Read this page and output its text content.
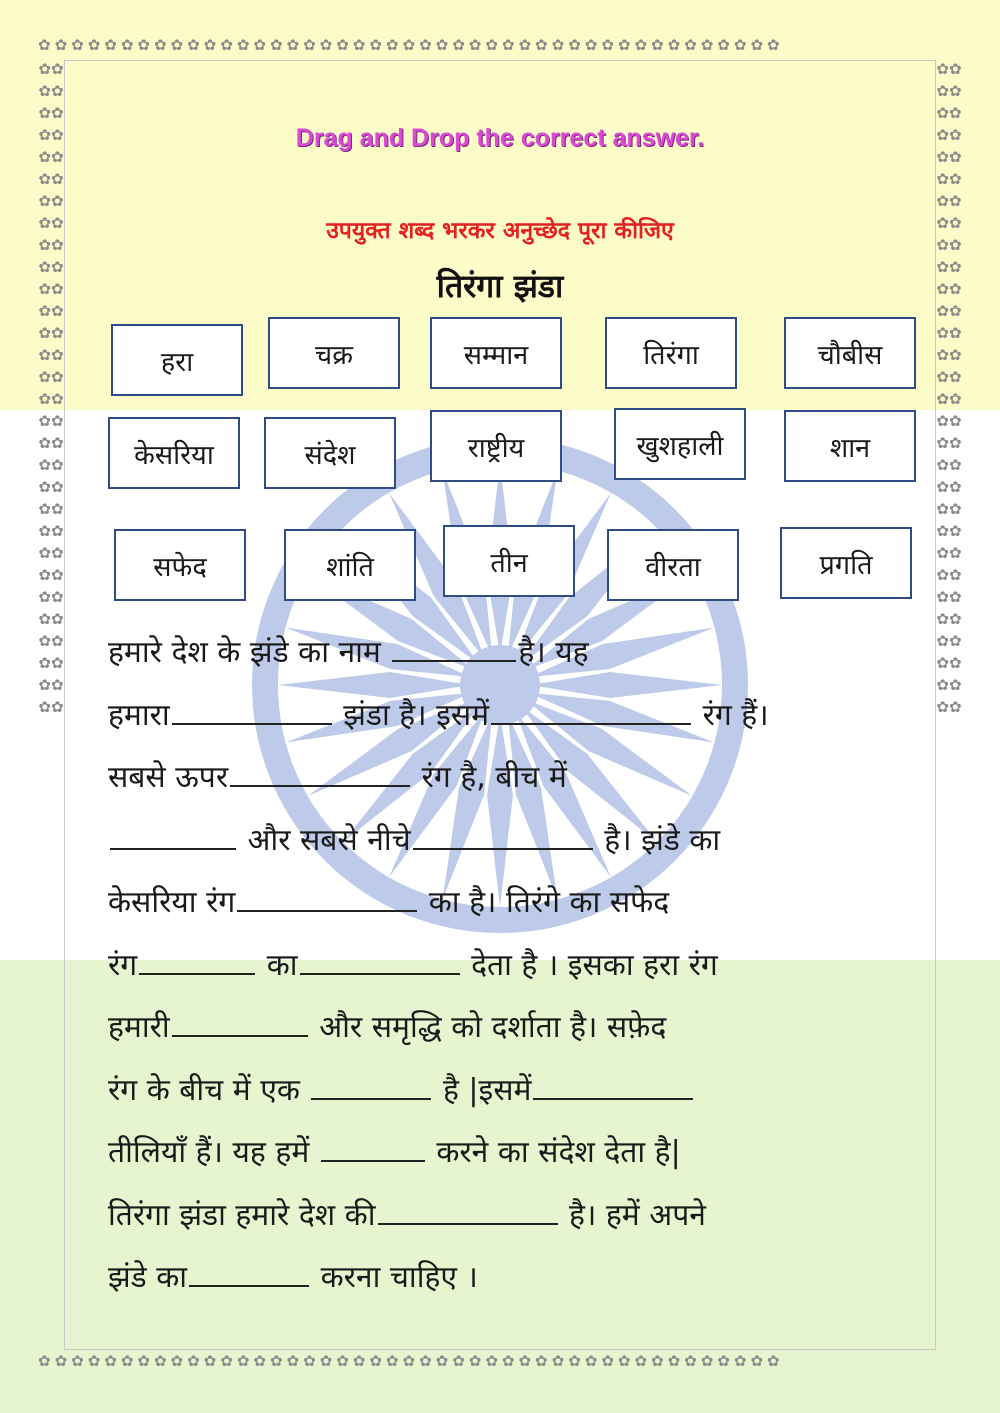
✿✿✿✿✿✿✿✿✿✿✿✿✿✿✿✿✿✿✿✿✿✿✿✿✿✿✿✿✿✿✿✿✿✿✿✿✿✿✿✿✿✿✿✿✿
✿✿✿✿✿✿✿✿✿✿✿✿✿✿✿✿✿✿✿✿✿✿✿✿✿✿✿✿✿✿✿✿✿✿✿✿✿✿✿✿✿✿✿✿✿
✿✿✿✿✿✿✿✿✿✿✿✿✿✿✿✿✿✿✿✿✿✿✿✿✿✿✿✿✿✿✿✿✿✿✿✿✿✿✿✿✿✿✿✿✿✿✿✿✿✿✿✿✿✿✿✿✿✿✿✿
✿✿✿✿✿✿✿✿✿✿✿✿✿✿✿✿✿✿✿✿✿✿✿✿✿✿✿✿✿✿✿✿✿✿✿✿✿✿✿✿✿✿✿✿✿✿✿✿✿✿✿✿✿✿✿✿✿✿✿✿
Drag and Drop the correct answer.
उपयुक्त शब्द भरकर अनुच्छेद पूरा कीजिए
तिरंगा झंडा
हरा	चक्र	सम्मान	तिरंगा	चौबीस
केसरिया	संदेश	राष्ट्रीय	खुशहाली	शान
सफेद	शांति	तीन	वीरता	प्रगति
हमारे देश के झंडे का नाम	है। यह
हमारा	झंडा है। इसमें	रंग हैं।
सबसे ऊपर	रंग है, बीच में
और सबसे नीचे	है। झंडे का
केसरिया रंग	का है। तिरंगे का सफेद
रंग	का	देता है । इसका हरा रंग
हमारी	और समृद्धि को दर्शाता है। सफ़ेद
रंग के बीच में एक	है |इसमें
तीलियाँ हैं। यह हमें	करने का संदेश देता है|
तिरंगा झंडा हमारे देश की	है। हमें अपने
झंडे का	करना चाहिए ।
